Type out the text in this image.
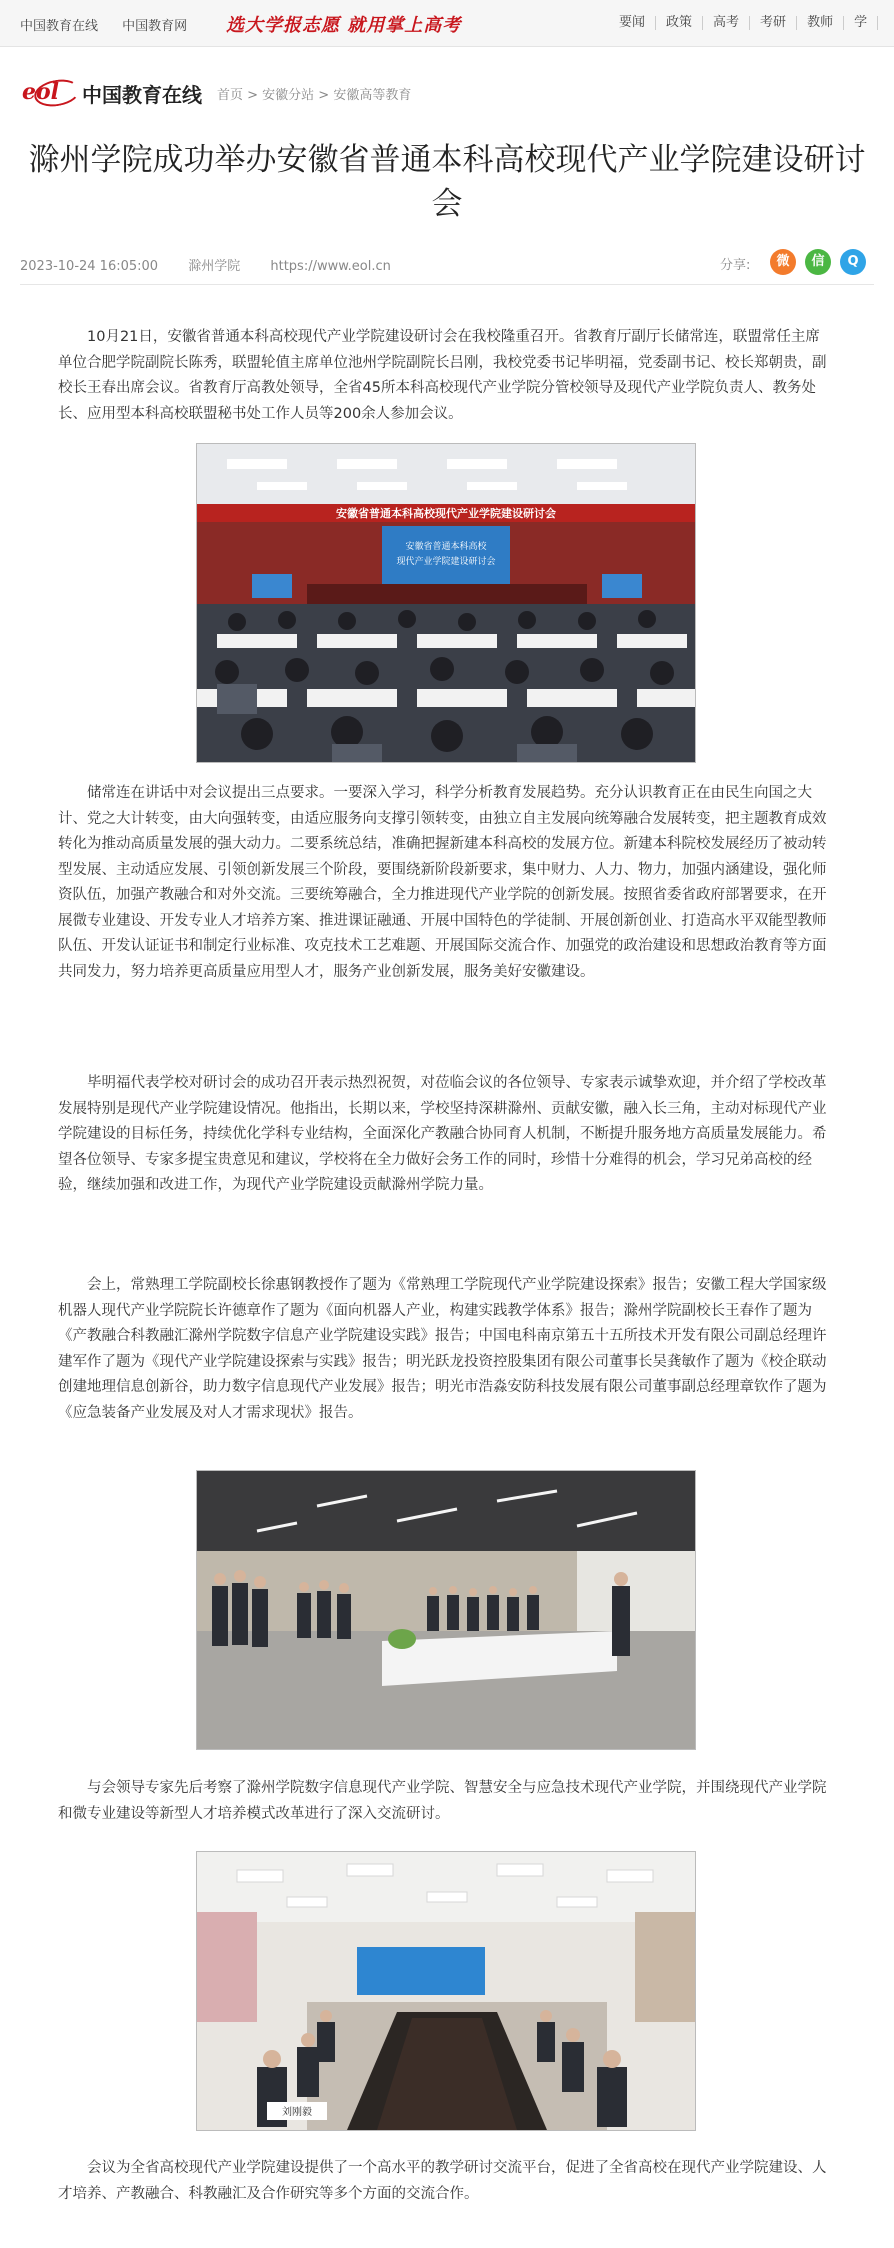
中国教育在线 中国教育网	选大学报志愿 就用掌上高考	要闻 政策 高考 考研 教师 学
eol 中国教育在线 首页 > 安徽分站 > 安徽高等教育
滁州学院成功举办安徽省普通本科高校现代产业学院建设研讨会
2023-10-24 16:05:00 滁州学院 https://www.eol.cn	分享:	微	信	Q

10月21日，安徽省普通本科高校现代产业学院建设研讨会在我校隆重召开。省教育厅副厅长储常连，联盟常任主席单位合肥学院副院长陈秀，联盟轮值主席单位池州学院副院长吕刚，我校党委书记毕明福，党委副书记、校长郑朝贵，副校长王春出席会议。省教育厅高教处领导，全省45所本科高校现代产业学院分管校领导及现代产业学院负责人、教务处长、应用型本科高校联盟秘书处工作人员等200余人参加会议。

安徽省普通本科高校现代产业学院建设研讨会
安徽省普通本科高校
现代产业学院建设研讨会

储常连在讲话中对会议提出三点要求。一要深入学习，科学分析教育发展趋势。充分认识教育正在由民生向国之大计、党之大计转变，由大向强转变，由适应服务向支撑引领转变，由独立自主发展向统筹融合发展转变，把主题教育成效转化为推动高质量发展的强大动力。二要系统总结，准确把握新建本科高校的发展方位。新建本科院校发展经历了被动转型发展、主动适应发展、引领创新发展三个阶段，要围绕新阶段新要求，集中财力、人力、物力，加强内涵建设，强化师资队伍，加强产教融合和对外交流。三要统筹融合，全力推进现代产业学院的创新发展。按照省委省政府部署要求，在开展微专业建设、开发专业人才培养方案、推进课证融通、开展中国特色的学徒制、开展创新创业、打造高水平双能型教师队伍、开发认证证书和制定行业标准、攻克技术工艺难题、开展国际交流合作、加强党的政治建设和思想政治教育等方面共同发力，努力培养更高质量应用型人才，服务产业创新发展，服务美好安徽建设。

毕明福代表学校对研讨会的成功召开表示热烈祝贺，对莅临会议的各位领导、专家表示诚挚欢迎，并介绍了学校改革发展特别是现代产业学院建设情况。他指出，长期以来，学校坚持深耕滁州、贡献安徽，融入长三角，主动对标现代产业学院建设的目标任务，持续优化学科专业结构，全面深化产教融合协同育人机制，不断提升服务地方高质量发展能力。希望各位领导、专家多提宝贵意见和建议，学校将在全力做好会务工作的同时，珍惜十分难得的机会，学习兄弟高校的经验，继续加强和改进工作，为现代产业学院建设贡献滁州学院力量。

会上，常熟理工学院副校长徐惠钢教授作了题为《常熟理工学院现代产业学院建设探索》报告；安徽工程大学国家级机器人现代产业学院院长许德章作了题为《面向机器人产业，构建实践教学体系》报告；滁州学院副校长王春作了题为《产教融合科教融汇滁州学院数字信息产业学院建设实践》报告；中国电科南京第五十五所技术开发有限公司副总经理许建军作了题为《现代产业学院建设探索与实践》报告；明光跃龙投资控股集团有限公司董事长吴龚敏作了题为《校企联动创建地理信息创新谷，助力数字信息现代产业发展》报告；明光市浩淼安防科技发展有限公司董事副总经理章钦作了题为《应急装备产业发展及对人才需求现状》报告。

与会领导专家先后考察了滁州学院数字信息现代产业学院、智慧安全与应急技术现代产业学院，并围绕现代产业学院和微专业建设等新型人才培养模式改革进行了深入交流研讨。

刘刚毅

会议为全省高校现代产业学院建设提供了一个高水平的教学研讨交流平台，促进了全省高校在现代产业学院建设、人才培养、产教融合、科教融汇及合作研究等多个方面的交流合作。
